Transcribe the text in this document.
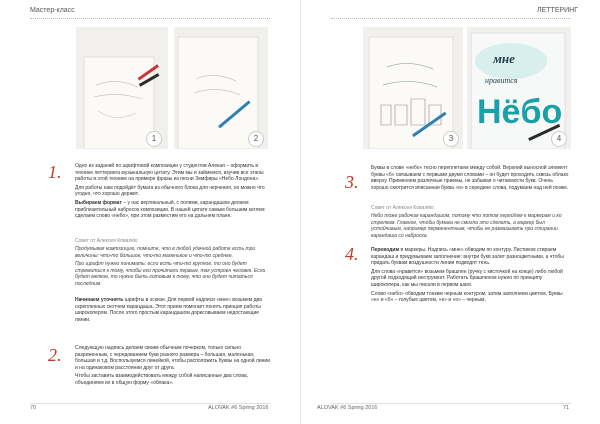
Мастер-класс
1	2
1.	Одно из заданий по шрифтовой композиции у студентов Алекая – оформить в технике леттеринга музыкальную цитату. Этим мы и займемся, изучив все этапы работы в этой технике на примере фразы из песни Земфиры «Небо Лондона».

Для работы нам подойдёт бумага из обычного блока для черчения, но можно что угодно, что хорошо держит.

Выбираем формат – у нас вертикальный, с полями, карандашом делаем приблизительный набросок композиции. В нашей цитате самым большим кеглем сделаем слово «небо», при этом разместим его на дальнем плане.

Совет от Алексея Ковалёв:

Продумывая композицию, помните, что в любой удачной работе есть три величины: что-то большое, что-то маленькое и что-то среднее.

При шрифт нужно понимать: если есть что-то крупное, то оно будет стремиться к тому, чтобы его прочитали первым, так устроен человек. Если будет мелкое, то нужно быть готовым к тому, что оно будет читаться последним.

Начинаем уточнять шрифты в эскизе. Для первой надписи «мне» возьмем два скрепленных скотчем карандаша. Этот прием помогает понять принцип работы широкопером. После этого простым карандашом дорисовываем недостающие линии.

2.	Следующую надпись делаем своим обычным почерком, только сильно разреженным, с чередованием букв разного размера – большая, маленькая, большая и т.д. Воспользуемся линейкой, чтобы расположить буквы на одной линии и на одинаковом расстоянии друг от друга.

Чтобы заставить взаимодействовать между собой написанные два слова, объединяем их в общую форму «облака».

70	ALOVAK #6 Spring 2016
ЛЕТТЕРИНГ
3
мне
нравится
Нёбо
4
3.

Буквы в слове «небо» тесно переплетаем между собой. Верхний выносной элемент буквы «б» связываем с первыми двумя словами – он будет проходить сквозь облако вверху. Применяем различные приемы, не забывая о читаемости букв. Очень хорошо смотрится вписанная буква «о» в середине слова, подумаем над ней позже.

Совет от Алексея Ковалёв:

Небо тоже рабочим карандашом, потому что потом перейдем к маркерам и ко стрелкам. Главное, чтобы бумага не смогла это сделать, а маркер был устойчивым, например перманентным, чтобы не размазывать при стирании карандаша со наброска.

4.	Переводим в маркеры. Надпись «мне» обводим по контуру. Листиком стираем карандаш и придумываем заполнение: внутри букв залит разноцветными, а чтобы придать буквам воздушности линии подводят тень.

Для слова «нравится» возьмем брашпен (ручку с кисточкой на конце) либо любой другой подходящий инструмент. Работать брашпеном нужно по принципу широкопера, как мы писали в первом шаге.

Слово «небо» обводим тонким черным контуром, затем заполняем цветом. Буквы «н» и «б» – голубые цветом, «е» и «о» – черным.

ALOVAK #6 Spring 2016	71
